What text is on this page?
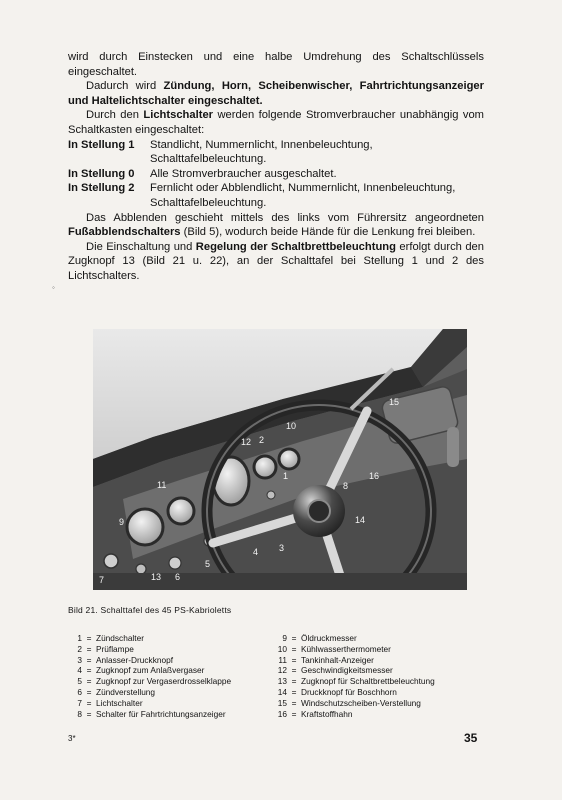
wird durch Einstecken und eine halbe Umdrehung des Schaltschlüssels eingeschaltet.

Dadurch wird Zündung, Horn, Scheibenwischer, Fahrtrichtungsanzeiger und Haltelichtschalter eingeschaltet.

Durch den Lichtschalter werden folgende Stromverbraucher unabhängig vom Schaltkasten eingeschaltet:

In Stellung 1	Standlicht, Nummernlicht, Innenbeleuchtung, Schalttafelbeleuchtung.
In Stellung 0	Alle Stromverbraucher ausgeschaltet.
In Stellung 2	Fernlicht oder Abblendlicht, Nummernlicht, Innenbeleuchtung, Schalttafelbeleuchtung.

Das Abblenden geschieht mittels des links vom Führersitz angeordneten Fußabblendschalters (Bild 5), wodurch beide Hände für die Lenkung frei bleiben.

Die Einschaltung und Regelung der Schaltbrettbeleuchtung erfolgt durch den Zugknopf 13 (Bild 21 u. 22), an der Schalttafel bei Stellung 1 und 2 des Lichtschalters.

◦
1
2
3
4
5
6
7
8
9
10
11
12
13
14
15
16
Bild 21. Schalttafel des 45 PS-Kabrioletts
1 = Zündschalter
2 = Prüflampe
3 = Anlasser-Druckknopf
4 = Zugknopf zum Anlaßvergaser
5 = Zugknopf zur Vergaserdrosselklappe
6 = Zündverstellung
7 = Lichtschalter
8 = Schalter für Fahrtrichtungsanzeiger
9 = Öldruckmesser
10 = Kühlwasserthermometer
11 = Tankinhalt-Anzeiger
12 = Geschwindigkeitsmesser
13 = Zugknopf für Schaltbrettbeleuchtung
14 = Druckknopf für Boschhorn
15 = Windschutzscheiben-Verstellung
16 = Kraftstoffhahn
3*	35
